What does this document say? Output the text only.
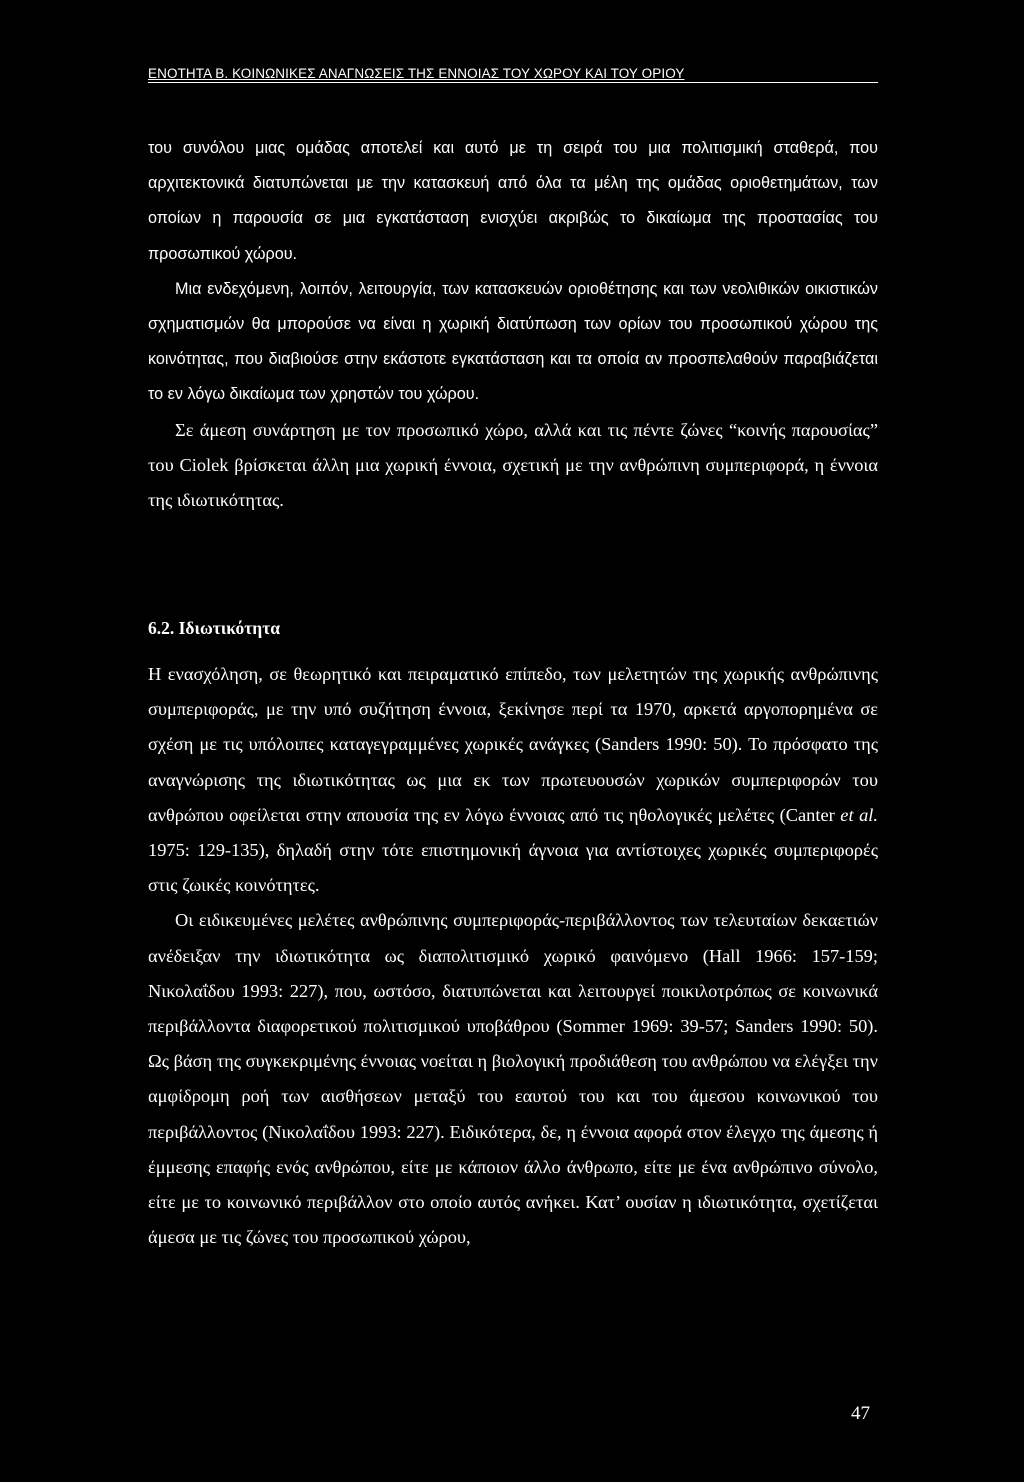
ΕΝΟΤΗΤΑ Β. ΚΟΙΝΩΝΙΚΕΣ ΑΝΑΓΝΩΣΕΙΣ ΤΗΣ ΕΝΝΟΙΑΣ ΤΟΥ ΧΩΡΟΥ ΚΑΙ ΤΟΥ ΟΡΙΟΥ

του συνόλου μιας ομάδας αποτελεί και αυτό με τη σειρά του μια πολιτισμική σταθερά, που αρχιτεκτονικά διατυπώνεται με την κατασκευή από όλα τα μέλη της ομάδας οριοθετημάτων, των οποίων η παρουσία σε μια εγκατάσταση ενισχύει ακριβώς το δικαίωμα της προστασίας του προσωπικού χώρου.

Μια ενδεχόμενη, λοιπόν, λειτουργία, των κατασκευών οριοθέτησης και των νεολιθικών οικιστικών σχηματισμών θα μπορούσε να είναι η χωρική διατύπωση των ορίων του προσωπικού χώρου της κοινότητας, που διαβιούσε στην εκάστοτε εγκατάσταση και τα οποία αν προσπελαθούν παραβιάζεται το εν λόγω δικαίωμα των χρηστών του χώρου.

Σε άμεση συνάρτηση με τον προσωπικό χώρο, αλλά και τις πέντε ζώνες “κοινής παρουσίας” του Ciolek βρίσκεται άλλη μια χωρική έννοια, σχετική με την ανθρώπινη συμπεριφορά, η έννοια της ιδιωτικότητας.

6.2. Ιδιωτικότητα

Η ενασχόληση, σε θεωρητικό και πειραματικό επίπεδο, των μελετητών της χωρικής ανθρώπινης συμπεριφοράς, με την υπό συζήτηση έννοια, ξεκίνησε περί τα 1970, αρκετά αργοπορημένα σε σχέση με τις υπόλοιπες καταγεγραμμένες χωρικές ανάγκες (Sanders 1990: 50). Το πρόσφατο της αναγνώρισης της ιδιωτικότητας ως μια εκ των πρωτευουσών χωρικών συμπεριφορών του ανθρώπου οφείλεται στην απουσία της εν λόγω έννοιας από τις ηθολογικές μελέτες (Canter et al. 1975: 129-135), δηλαδή στην τότε επιστημονική άγνοια για αντίστοιχες χωρικές συμπεριφορές στις ζωικές κοινότητες.

Οι ειδικευμένες μελέτες ανθρώπινης συμπεριφοράς-περιβάλλοντος των τελευταίων δεκαετιών ανέδειξαν την ιδιωτικότητα ως διαπολιτισμικό χωρικό φαινόμενο (Hall 1966: 157-159; Νικολαΐδου 1993: 227), που, ωστόσο, διατυπώνεται και λειτουργεί ποικιλοτρόπως σε κοινωνικά περιβάλλοντα διαφορετικού πολιτισμικού υποβάθρου (Sommer 1969: 39-57; Sanders 1990: 50). Ως βάση της συγκεκριμένης έννοιας νοείται η βιολογική προδιάθεση του ανθρώπου να ελέγξει την αμφίδρομη ροή των αισθήσεων μεταξύ του εαυτού του και του άμεσου κοινωνικού του περιβάλλοντος (Νικολαΐδου 1993: 227). Ειδικότερα, δε, η έννοια αφορά στον έλεγχο της άμεσης ή έμμεσης επαφής ενός ανθρώπου, είτε με κάποιον άλλο άνθρωπο, είτε με ένα ανθρώπινο σύνολο, είτε με το κοινωνικό περιβάλλον στο οποίο αυτός ανήκει. Κατ’ ουσίαν η ιδιωτικότητα, σχετίζεται άμεσα με τις ζώνες του προσωπικού χώρου,

47
